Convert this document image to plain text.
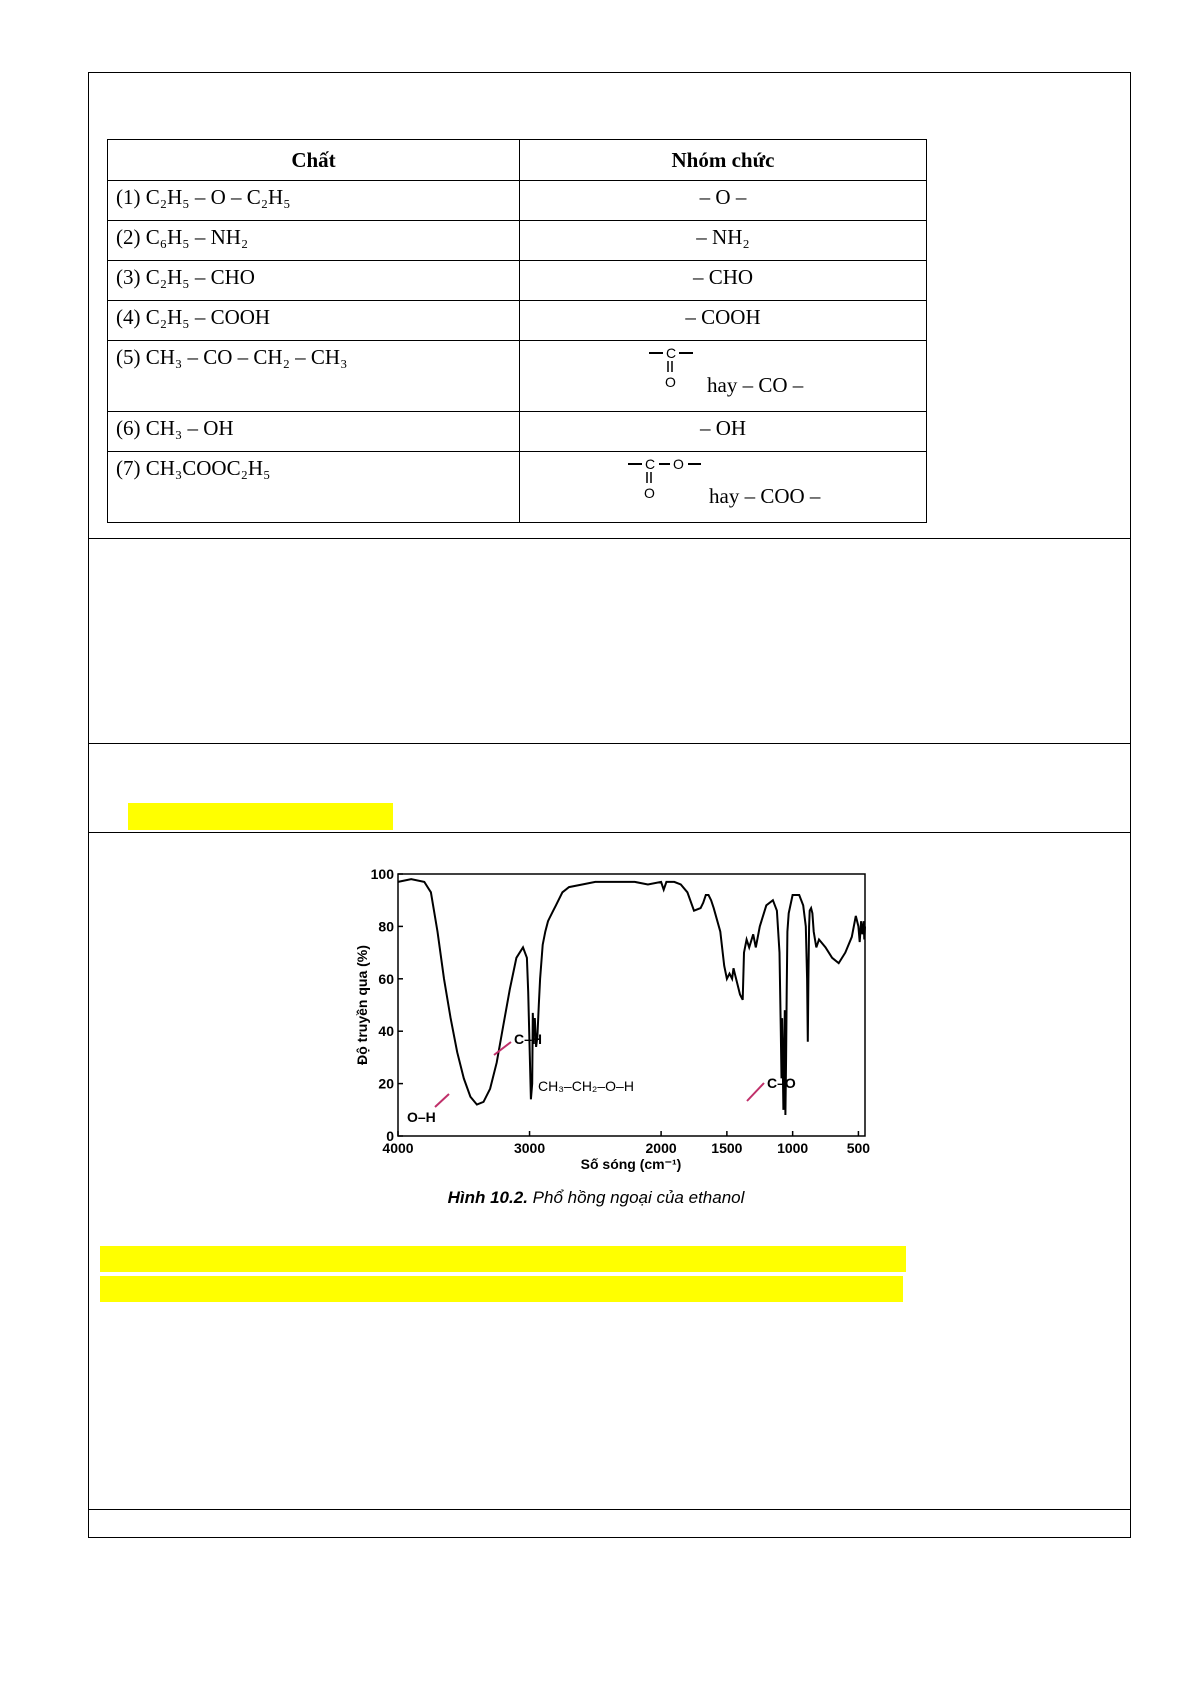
Chất	Nhóm chức
(1) C₂H₅ – O – C₂H₅	– O –
(2) C₆H₅ – NH₂	– NH₂
(3) C₂H₅ – CHO	– CHO
(4) C₂H₅ – COOH	– COOH
(5) CH₃ – CO – CH₂ – CH₃	C
O hay – CO –

(6) CH₃ – OH	– OH
(7) CH₃COOC₂H₅	C O
O hay – COO –
0
20
40
60
80
100
4000	3000	2000 1500 1000	500
Độ truyền qua (%)
Số sóng (cm⁻¹)
O–H
C–H
C–O
CH₃–CH₂–O–H
Hình 10.2. Phổ hồng ngoại của ethanol
